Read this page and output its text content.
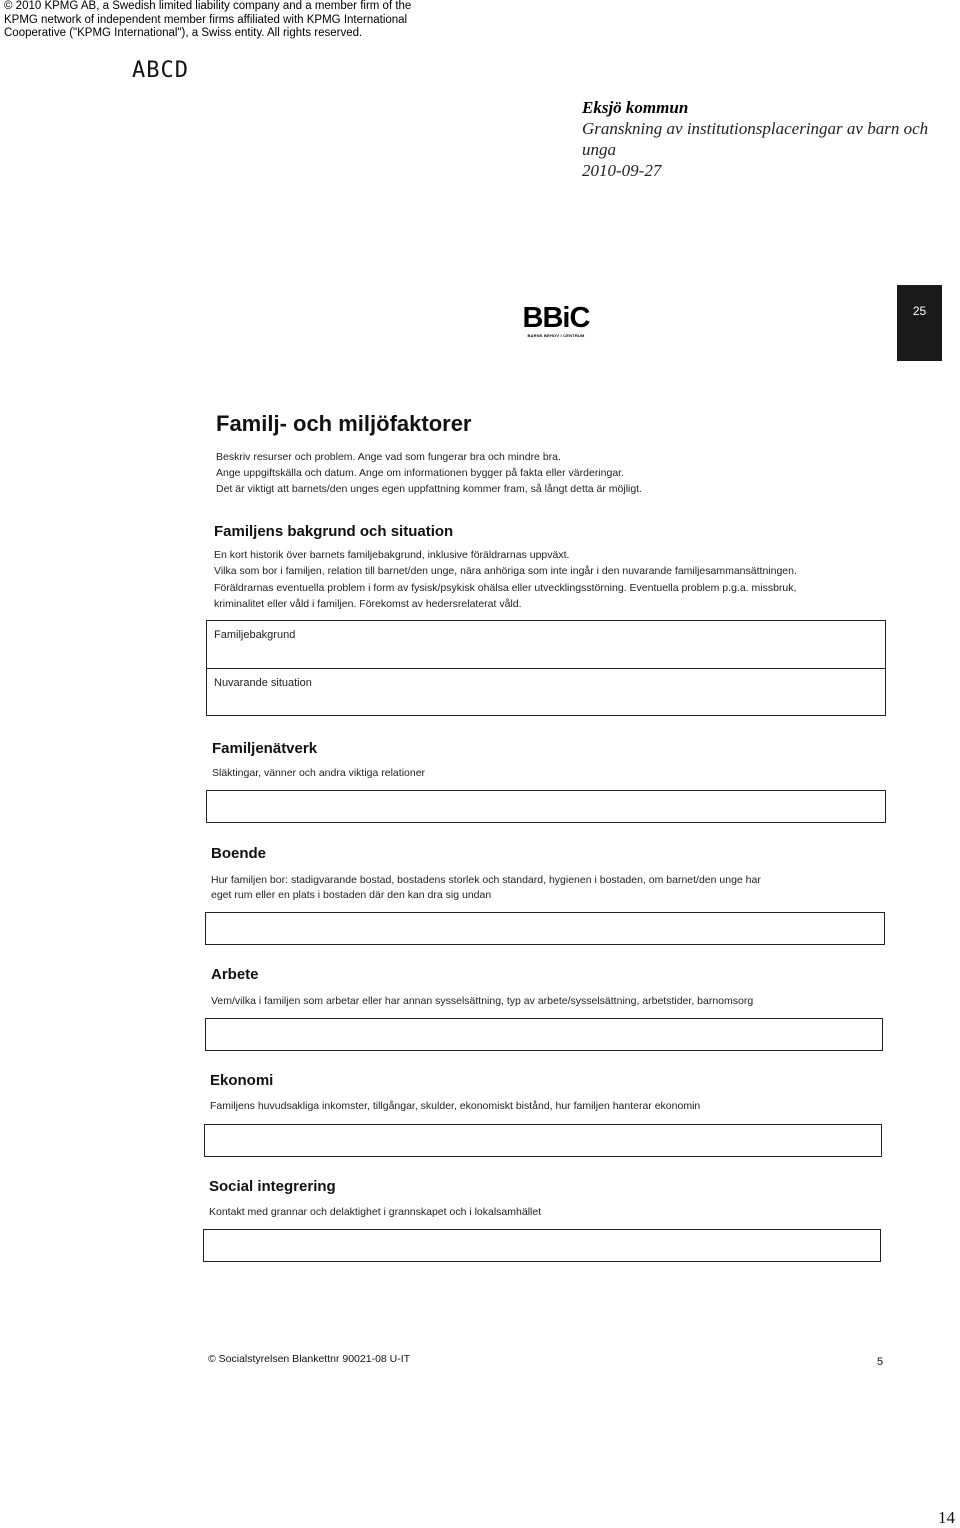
© 2010 KPMG AB, a Swedish limited liability company and a member firm of the KPMG network of independent member firms affiliated with KPMG International Cooperative ("KPMG International"), a Swiss entity. All rights reserved.
ABCD
Eksjö kommun
Granskning av institutionsplaceringar av barn och unga
2010-09-27
BBiC
BARNS BEHOV I CENTRUM
25
Familj- och miljöfaktorer
Beskriv resurser och problem. Ange vad som fungerar bra och mindre bra.
Ange uppgiftskälla och datum. Ange om informationen bygger på fakta eller värderingar.
Det är viktigt att barnets/den unges egen uppfattning kommer fram, så långt detta är möjligt.
Familjens bakgrund och situation
En kort historik över barnets familjebakgrund, inklusive föräldrarnas uppväxt.
Vilka som bor i familjen, relation till barnet/den unge, nära anhöriga som inte ingår i den nuvarande familjesammansättningen.
Föräldrarnas eventuella problem i form av fysisk/psykisk ohälsa eller utvecklingsstörning. Eventuella problem p.g.a. missbruk,
kriminalitet eller våld i familjen. Förekomst av hedersrelaterat våld.
Familjebakgrund
Nuvarande situation
Familjenätverk
Släktingar, vänner och andra viktiga relationer
Boende
Hur familjen bor: stadigvarande bostad, bostadens storlek och standard, hygienen i bostaden, om barnet/den unge har
eget rum eller en plats i bostaden där den kan dra sig undan
Arbete
Vem/vilka i familjen som arbetar eller har annan sysselsättning, typ av arbete/sysselsättning, arbetstider, barnomsorg
Ekonomi
Familjens huvudsakliga inkomster, tillgångar, skulder, ekonomiskt bistånd, hur familjen hanterar ekonomin
Social integrering
Kontakt med grannar och delaktighet i grannskapet och i lokalsamhället
© Socialstyrelsen Blankettnr 90021-08 U-IT	5
14
